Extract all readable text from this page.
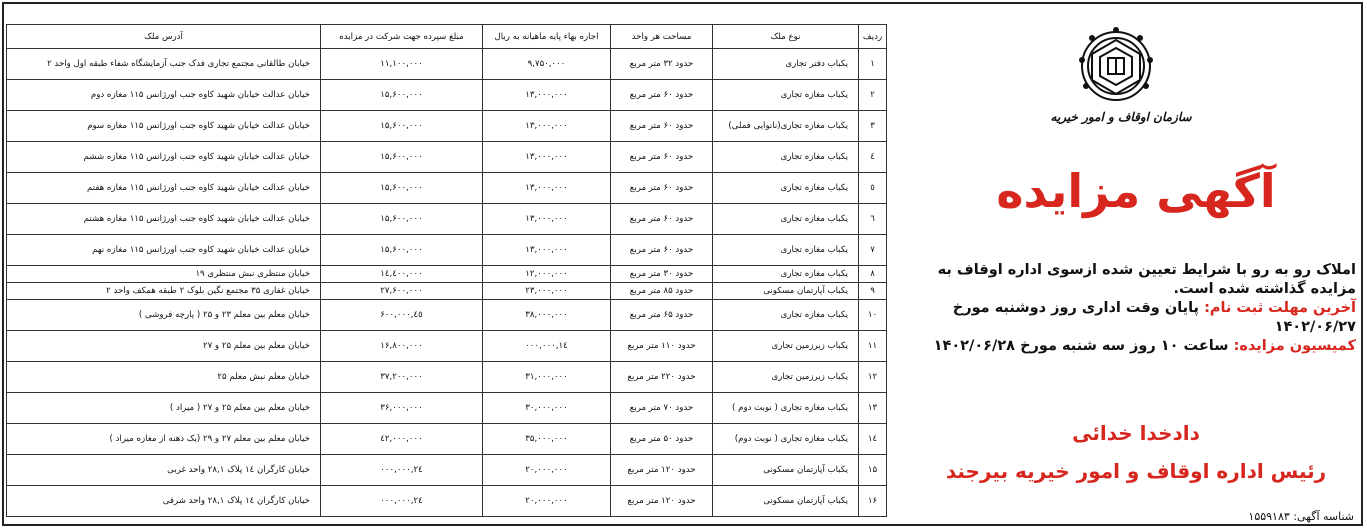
ردیف	نوع ملک	مساحت هر واحد	اجاره بهاء پایه ماهیانه به ریال	مبلغ سپرده جهت شرکت در مزایده	آدرس ملک
۱	یکباب دفتر تجاری	حدود ۳۲ متر مربع	۹,۷۵۰,۰۰۰	۱۱,۱۰۰,۰۰۰	خیابان طالقانی مجتمع تجاری فدک جنب آزمایشگاه شفاء طبقه اول واحد ۲
۲	یکباب مغازه تجاری	حدود ۶۰ متر مربع	۱۳,۰۰۰,۰۰۰	۱۵,۶۰۰,۰۰۰	خیابان عدالت خیابان شهید کاوه جنب اورژانس ۱۱۵ مغازه دوم
۳	یکباب مغازه تجاری(نانوایی فملی)	حدود ۶۰ متر مربع	۱۳,۰۰۰,۰۰۰	۱۵,۶۰۰,۰۰۰	خیابان عدالت خیابان شهید کاوه جنب اورژانس ۱۱۵ مغازه سوم
٤	یکباب مغازه تجاری	حدود ۶۰ متر مربع	۱۳,۰۰۰,۰۰۰	۱۵,۶۰۰,۰۰۰	خیابان عدالت خیابان شهید کاوه جنب اورژانس ۱۱۵ مغازه ششم
٥	یکباب مغازه تجاری	حدود ۶۰ متر مربع	۱۳,۰۰۰,۰۰۰	۱۵,۶۰۰,۰۰۰	خیابان عدالت خیابان شهید کاوه جنب اورژانس ۱۱۵ مغازه هفتم
٦	یکباب مغازه تجاری	حدود ۶۰ متر مربع	۱۳,۰۰۰,۰۰۰	۱۵,۶۰۰,۰۰۰	خیابان عدالت خیابان شهید کاوه جنب اورژانس ۱۱۵ مغازه هشتم
۷	یکباب مغازه تجاری	حدود ۶۰ متر مربع	۱۳,۰۰۰,۰۰۰	۱۵,۶۰۰,۰۰۰	خیابان عدالت خیابان شهید کاوه جنب اورژانس ۱۱۵ مغازه نهم
۸	یکباب مغازه تجاری	حدود ۳۰ متر مربع	۱۲,۰۰۰,۰۰۰	۱٤,٤۰۰,۰۰۰	خیابان منتظری نبش منتظری ۱۹
۹	یکباب آپارتمان مسکونی	حدود ۸۵ متر مربع	۲۳,۰۰۰,۰۰۰	۲۷,۶۰۰,۰۰۰	خیابان غفاری ۳۵ مجتمع نگین بلوک ۲ طبقه همکف واحد ۲
۱۰	یکباب مغازه تجاری	حدود ۶۵ متر مربع	۳۸,۰۰۰,۰۰۰	٤٥,۶۰۰,۰۰۰	خیابان معلم بین معلم ۲۳ و ۲۵ ( پارچه فروشی )
۱۱	یکباب زیرزمین تجاری	حدود ۱۱۰ متر مربع	۱٤,۰۰۰,۰۰۰	۱۶,۸۰۰,۰۰۰	خیابان معلم بین معلم ۲۵ و ۲۷
۱۲	یکباب زیرزمین تجاری	حدود ۲۲۰ متر مربع	۳۱,۰۰۰,۰۰۰	۳۷,۲۰۰,۰۰۰	خیابان معلم نبش معلم ۲۵
۱۳	یکباب مغازه تجاری ( نوبت دوم )	حدود ۷۰ متر مربع	۳۰,۰۰۰,۰۰۰	۳۶,۰۰۰,۰۰۰	خیابان معلم بین معلم ۲۵ و ۲۷ ( میراد )
۱٤	یکباب مغازه تجاری ( نوبت دوم)	حدود ۵۰ متر مربع	۳۵,۰۰۰,۰۰۰	٤۲,۰۰۰,۰۰۰	خیابان معلم بین معلم ۲۷ و ۲۹ (یک دهنه از مغازه میراد )
۱۵	یکباب آپارتمان مسکونی	حدود ۱۲۰ متر مربع	۲۰,۰۰۰,۰۰۰	۲٤,۰۰۰,۰۰۰	خیابان کارگران ۱٤ پلاک ۲۸,۱ واحد غربی
۱۶	یکباب آپارتمان مسکونی	حدود ۱۲۰ متر مربع	۲۰,۰۰۰,۰۰۰	۲٤,۰۰۰,۰۰۰	خیابان کارگران ۱٤ پلاک ۲۸,۱ واحد شرقی
سازمان اوقاف و امور خیریه
آگهی مزایده
املاک رو به رو با شرایط تعیین شده ازسوی اداره اوقاف به مزایده گذاشته شده است.
آخرین مهلت ثبت نام: پایان وقت اداری روز دوشنبه مورخ ۱۴۰۲/۰۶/۲۷
کمیسیون مزایده: ساعت ۱۰ روز سه شنبه مورخ ۱۴۰۲/۰۶/۲۸
دادخدا خدائی
رئیس اداره اوقاف و امور خیریه بیرجند
شناسه آگهی: ۱۵۵۹۱۸۳
